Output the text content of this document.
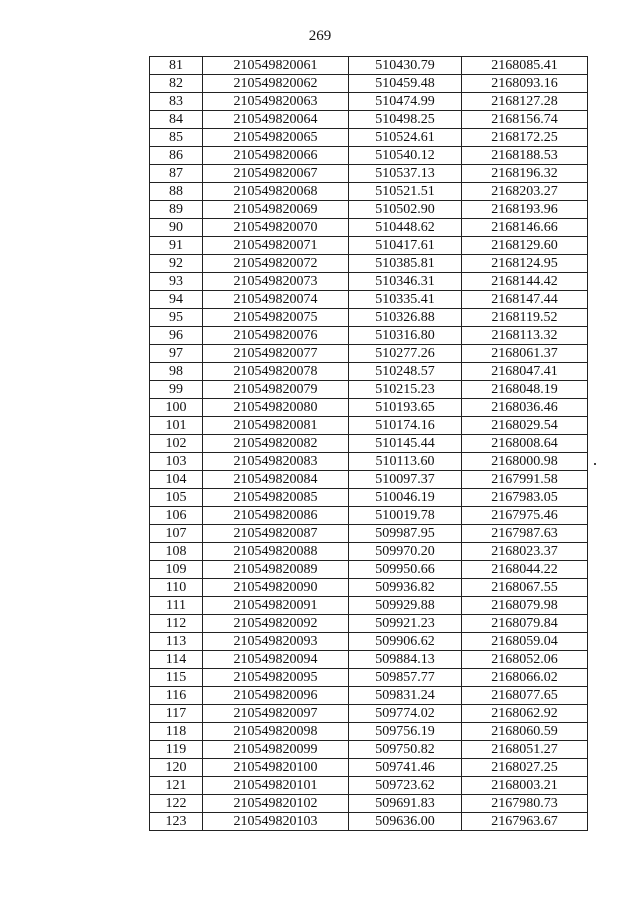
269
81	210549820061	510430.79	2168085.41
82	210549820062	510459.48	2168093.16
83	210549820063	510474.99	2168127.28
84	210549820064	510498.25	2168156.74
85	210549820065	510524.61	2168172.25
86	210549820066	510540.12	2168188.53
87	210549820067	510537.13	2168196.32
88	210549820068	510521.51	2168203.27
89	210549820069	510502.90	2168193.96
90	210549820070	510448.62	2168146.66
91	210549820071	510417.61	2168129.60
92	210549820072	510385.81	2168124.95
93	210549820073	510346.31	2168144.42
94	210549820074	510335.41	2168147.44
95	210549820075	510326.88	2168119.52
96	210549820076	510316.80	2168113.32
97	210549820077	510277.26	2168061.37
98	210549820078	510248.57	2168047.41
99	210549820079	510215.23	2168048.19
100	210549820080	510193.65	2168036.46
101	210549820081	510174.16	2168029.54
102	210549820082	510145.44	2168008.64
103	210549820083	510113.60	2168000.98
104	210549820084	510097.37	2167991.58
105	210549820085	510046.19	2167983.05
106	210549820086	510019.78	2167975.46
107	210549820087	509987.95	2167987.63
108	210549820088	509970.20	2168023.37
109	210549820089	509950.66	2168044.22
110	210549820090	509936.82	2168067.55
111	210549820091	509929.88	2168079.98
112	210549820092	509921.23	2168079.84
113	210549820093	509906.62	2168059.04
114	210549820094	509884.13	2168052.06
115	210549820095	509857.77	2168066.02
116	210549820096	509831.24	2168077.65
117	210549820097	509774.02	2168062.92
118	210549820098	509756.19	2168060.59
119	210549820099	509750.82	2168051.27
120	210549820100	509741.46	2168027.25
121	210549820101	509723.62	2168003.21
122	210549820102	509691.83	2167980.73
123	210549820103	509636.00	2167963.67
